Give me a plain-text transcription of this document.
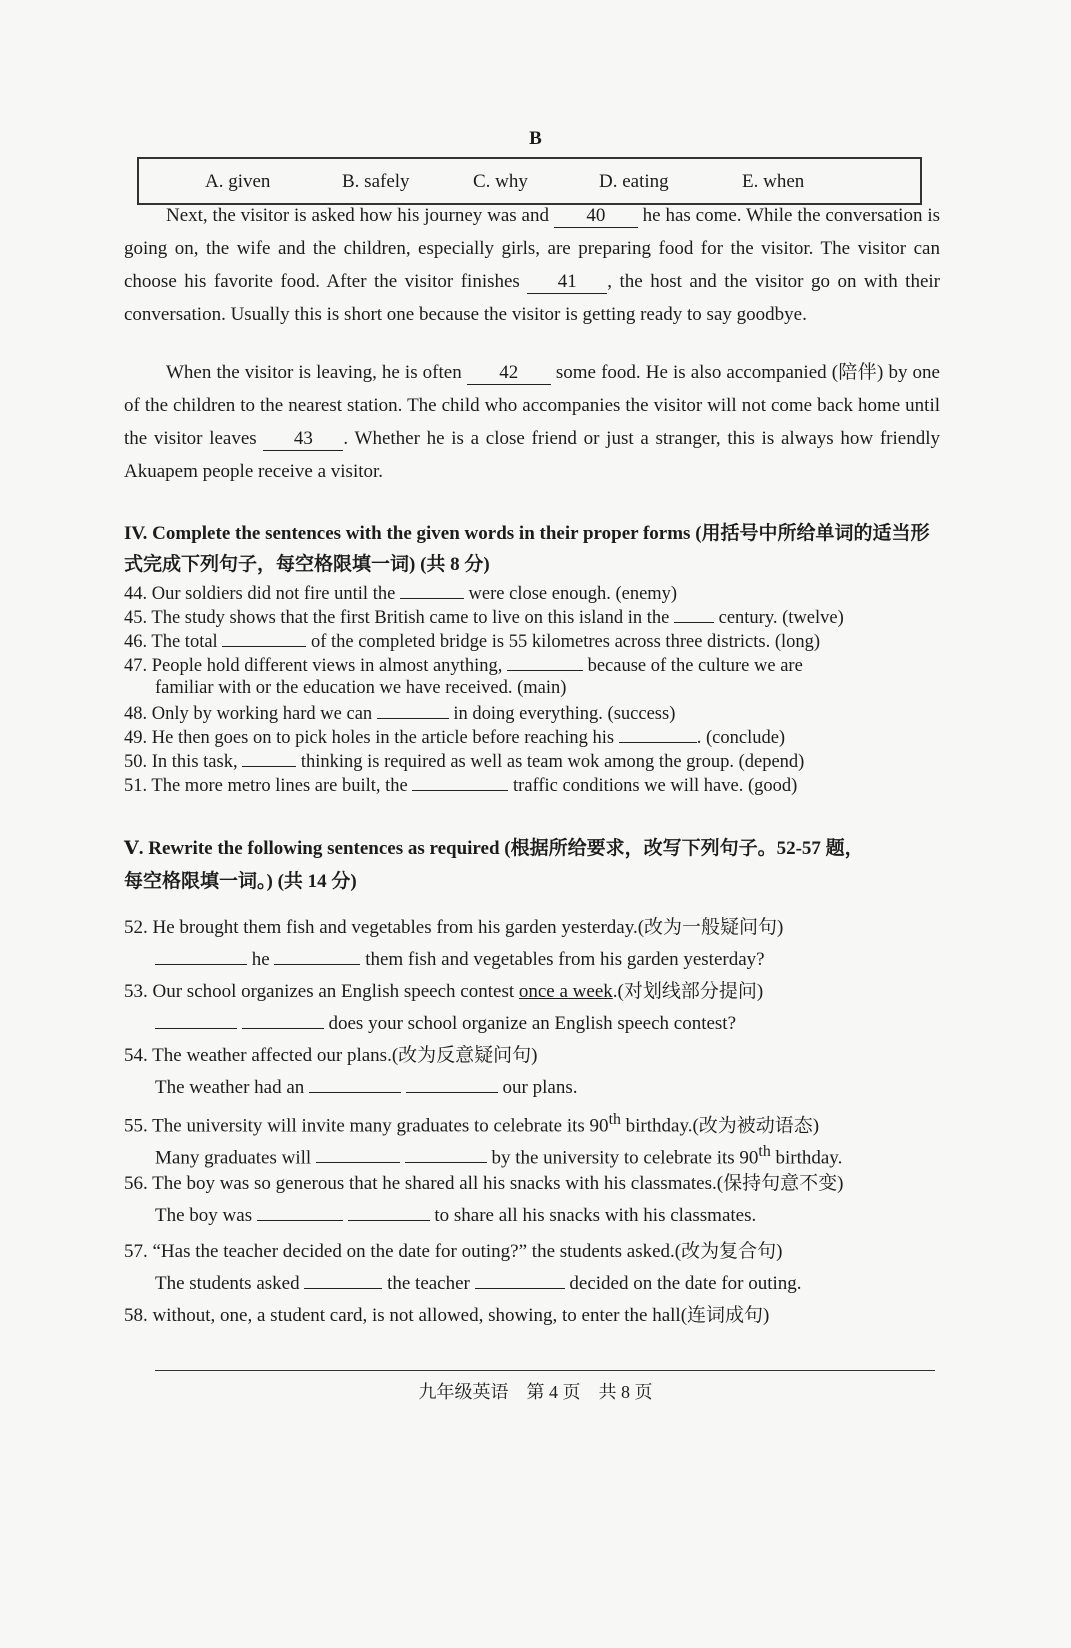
B
A. given	B. safely	C. why	D. eating	E. when
Next, the visitor is asked how his journey was and 40 he has come. While the conversation is going on, the wife and the children, especially girls, are preparing food for the visitor. The visitor can choose his favorite food. After the visitor finishes 41 , the host and the visitor go on with their conversation. Usually this is short one because the visitor is getting ready to say goodbye.
When the visitor is leaving, he is often 42 some food. He is also accompanied (陪伴) by one of the children to the nearest station. The child who accompanies the visitor will not come back home until the visitor leaves 43 . Whether he is a close friend or just a stranger, this is always how friendly Akuapem people receive a visitor.
IV. Complete the sentences with the given words in their proper forms (用括号中所给单词的适当形式完成下列句子，每空格限填一词) (共 8 分)
44. Our soldiers did not fire until the	were close enough. (enemy)
45. The study shows that the first British came to live on this island in the  century. (twelve)
46. The total	of the completed bridge is 55 kilometres across three districts. (long)
47. People hold different views in almost anything,	because of the culture we are
familiar with or the education we have received. (main)
48. Only by working hard we can	in doing everything. (success)
49. He then goes on to pick holes in the article before reaching his	. (conclude)
50. In this task,	thinking is required as well as team wok among the group. (depend)
51. The more metro lines are built, the	traffic conditions we will have. (good)
Ⅴ. Rewrite the following sentences as required (根据所给要求，改写下列句子。52-57 题，
每空格限填一词。) (共 14 分)
52. He brought them fish and vegetables from his garden yesterday.(改为一般疑问句)
he	them fish and vegetables from his garden yesterday?
53. Our school organizes an English speech contest once a week.(对划线部分提问)
does your school organize an English speech contest?
54. The weather affected our plans.(改为反意疑问句)
The weather had an	our plans.
55. The university will invite many graduates to celebrate its 90th birthday.(改为被动语态)
Many graduates will	by the university to celebrate its 90th birthday.
56. The boy was so generous that he shared all his snacks with his classmates.(保持句意不变)
The boy was	to share all his snacks with his classmates.
57. “Has the teacher decided on the date for outing?” the students asked.(改为复合句)
The students asked	the teacher	decided on the date for outing.
58. without, one, a student card, is not allowed, showing, to enter the hall(连词成句)
九年级英语　第 4 页　共 8 页
